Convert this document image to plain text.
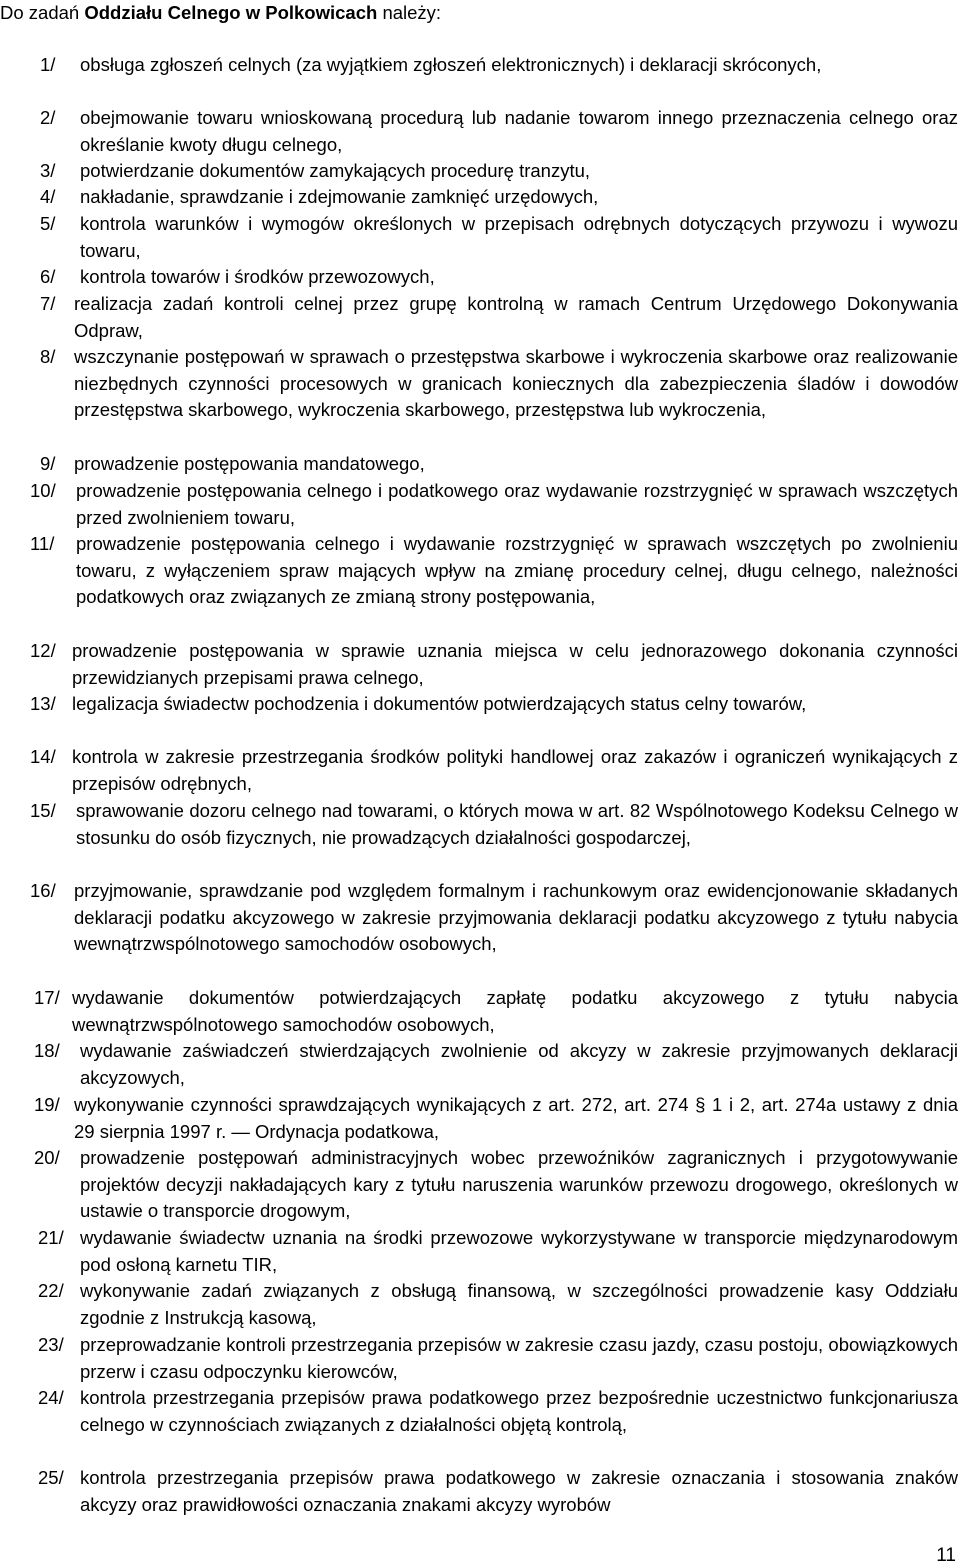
Do zadań Oddziału Celnego w Polkowicach należy:
1/ obsługa zgłoszeń celnych (za wyjątkiem zgłoszeń elektronicznych) i deklaracji skróconych,
2/ obejmowanie towaru wnioskowaną procedurą lub nadanie towarom innego przeznaczenia celnego oraz określanie kwoty długu celnego,
3/ potwierdzanie dokumentów zamykających procedurę tranzytu,
4/ nakładanie, sprawdzanie i zdejmowanie zamknięć urzędowych,
5/ kontrola warunków i wymogów określonych w przepisach odrębnych dotyczących przywozu i wywozu towaru,
6/ kontrola towarów i środków przewozowych,
7/ realizacja zadań kontroli celnej przez grupę kontrolną w ramach Centrum Urzędowego Dokonywania Odpraw,
8/ wszczynanie postępowań w sprawach o przestępstwa skarbowe i wykroczenia skarbowe oraz realizowanie niezbędnych czynności procesowych w granicach koniecznych dla zabezpieczenia śladów i dowodów przestępstwa skarbowego, wykroczenia skarbowego, przestępstwa lub wykroczenia,
9/ prowadzenie postępowania mandatowego,
10/ prowadzenie postępowania celnego i podatkowego oraz wydawanie rozstrzygnięć w sprawach wszczętych przed zwolnieniem towaru,
11/ prowadzenie postępowania celnego i wydawanie rozstrzygnięć w sprawach wszczętych po zwolnieniu towaru, z wyłączeniem spraw mających wpływ na zmianę procedury celnej, długu celnego, należności podatkowych oraz związanych ze zmianą strony postępowania,
12/ prowadzenie postępowania w sprawie uznania miejsca w celu jednorazowego dokonania czynności przewidzianych przepisami prawa celnego,
13/ legalizacja świadectw pochodzenia i dokumentów potwierdzających status celny towarów,
14/ kontrola w zakresie przestrzegania środków polityki handlowej oraz zakazów i ograniczeń wynikających z przepisów odrębnych,
15/ sprawowanie dozoru celnego nad towarami, o których mowa w art. 82 Wspólnotowego Kodeksu Celnego w stosunku do osób fizycznych, nie prowadzących działalności gospodarczej,
16/ przyjmowanie, sprawdzanie pod względem formalnym i rachunkowym oraz ewidencjonowanie składanych deklaracji podatku akcyzowego w zakresie przyjmowania deklaracji podatku akcyzowego z tytułu nabycia wewnątrzwspólnotowego samochodów osobowych,
17/ wydawanie dokumentów potwierdzających zapłatę podatku akcyzowego z tytułu nabycia wewnątrzwspólnotowego samochodów osobowych,
18/ wydawanie zaświadczeń stwierdzających zwolnienie od akcyzy w zakresie przyjmowanych deklaracji akcyzowych,
19/ wykonywanie czynności sprawdzających wynikających z art. 272, art. 274 § 1 i 2, art. 274a ustawy z dnia 29 sierpnia 1997 r. — Ordynacja podatkowa,
20/ prowadzenie postępowań administracyjnych wobec przewoźników zagranicznych i przygotowywanie projektów decyzji nakładających kary z tytułu naruszenia warunków przewozu drogowego, określonych w ustawie o transporcie drogowym,
21/ wydawanie świadectw uznania na środki przewozowe wykorzystywane w transporcie międzynarodowym pod osłoną karnetu TIR,
22/ wykonywanie zadań związanych z obsługą finansową, w szczególności prowadzenie kasy Oddziału zgodnie z Instrukcją kasową,
23/ przeprowadzanie kontroli przestrzegania przepisów w zakresie czasu jazdy, czasu postoju, obowiązkowych przerw i czasu odpoczynku kierowców,
24/ kontrola przestrzegania przepisów prawa podatkowego przez bezpośrednie uczestnictwo funkcjonariusza celnego w czynnościach związanych z działalności objętą kontrolą,
25/ kontrola przestrzegania przepisów prawa podatkowego w zakresie oznaczania i stosowania znaków akcyzy oraz prawidłowości oznaczania znakami akcyzy wyrobów
11
